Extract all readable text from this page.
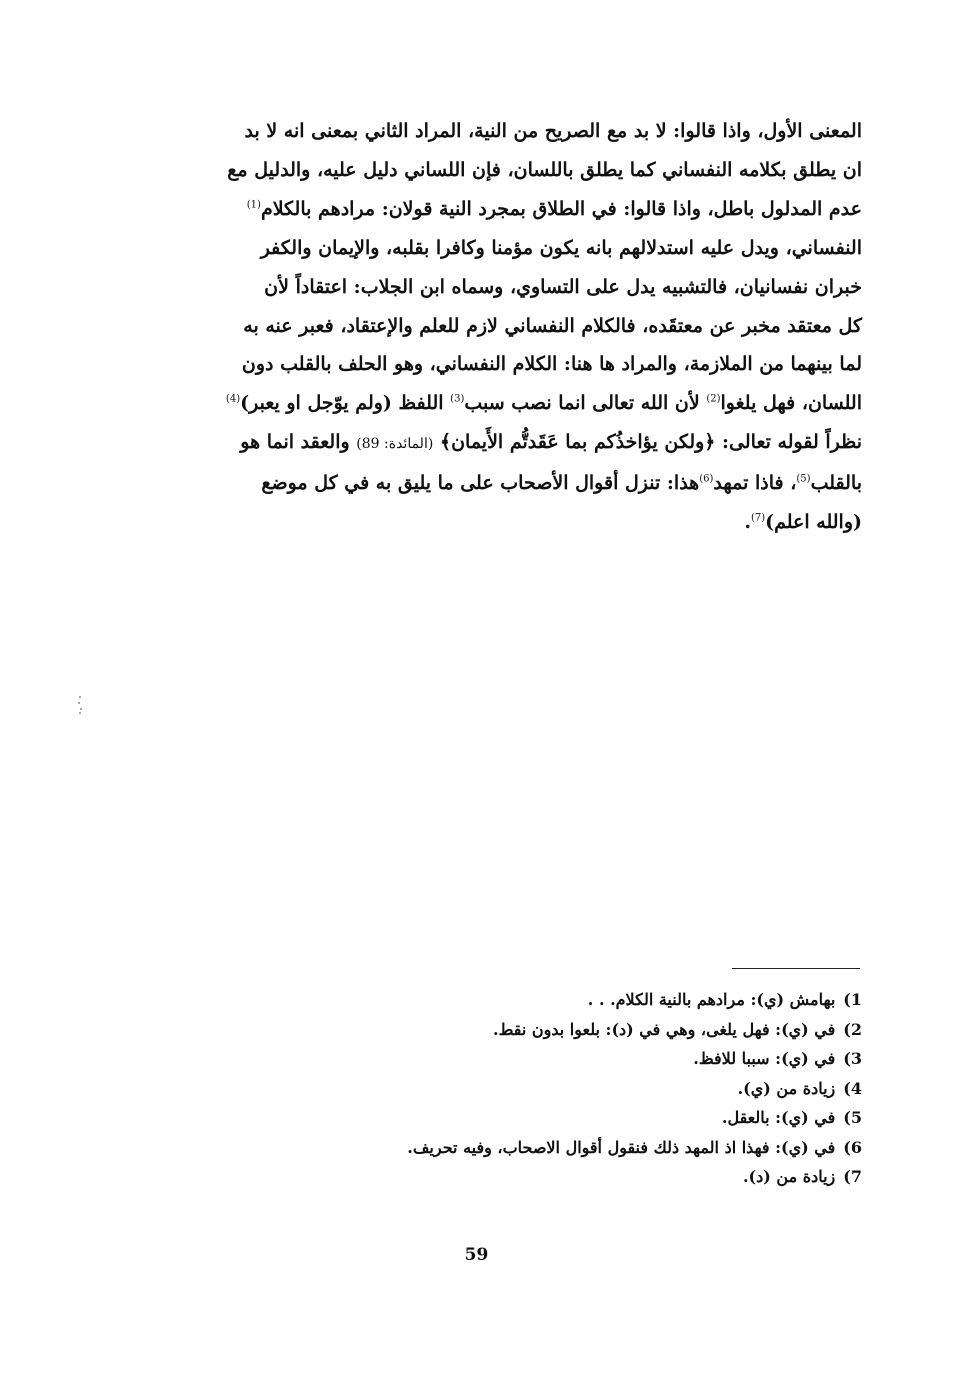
المعنى الأول، واذا قالوا: لا بد مع الصريح من النية، المراد الثاني بمعنى انه لا بد

ان يطلق بكلامه النفساني كما يطلق باللسان، فإن اللساني دليل عليه، والدليل مع

عدم المدلول باطل، واذا قالوا: في الطلاق بمجرد النية قولان: مرادهم بالكلام$^{(1)}$

النفساني، ويدل عليه استدلالهم بانه يكون مؤمنا وكافرا بقلبه، والإيمان والكفر

خبران نفسانيان، فالتشبيه يدل على التساوي، وسماه ابن الجلاب: اعتقاداً لأن

كل معتقد مخبر عن معتقَده، فالكلام النفساني لازم للعلم والإعتقاد، فعبر عنه به

لما بينهما من الملازمة، والمراد ها هنا: الكلام النفساني، وهو الحلف بالقلب دون

اللسان، فهل يلغوا$^{(2)}$ لأن الله تعالى انما نصب سبب$^{(3)}$ اللفظ (ولم يوّجل او يعبر)$^{(4)}$

نظراً لقوله تعالى: ﴿ولكن يؤاخذُكم بما عَقَدتُّم الأَيمان﴾ (المائدة: 89) والعقد انما هو

بالقلب$^{(5)}$، فاذا تمهد$^{(6)}$هذا: تنزل أقوال الأصحاب على ما يليق به في كل موضع

(والله اعلم)$^{(7)}$.

1)بهامش (ي): مرادهم بالنية الكلام. . .
2)في (ي): فهل يلغى، وهي في (د): بلعوا بدون نقط.
3)في (ي): سببا للافظ.
4)زيادة من (ي).
5)في (ي): بالعقل.
6)في (ي): فهذا اذ المهد ذلك فنقول أقوال الاصحاب، وفيه تحريف.
7)زيادة من (د).
59
